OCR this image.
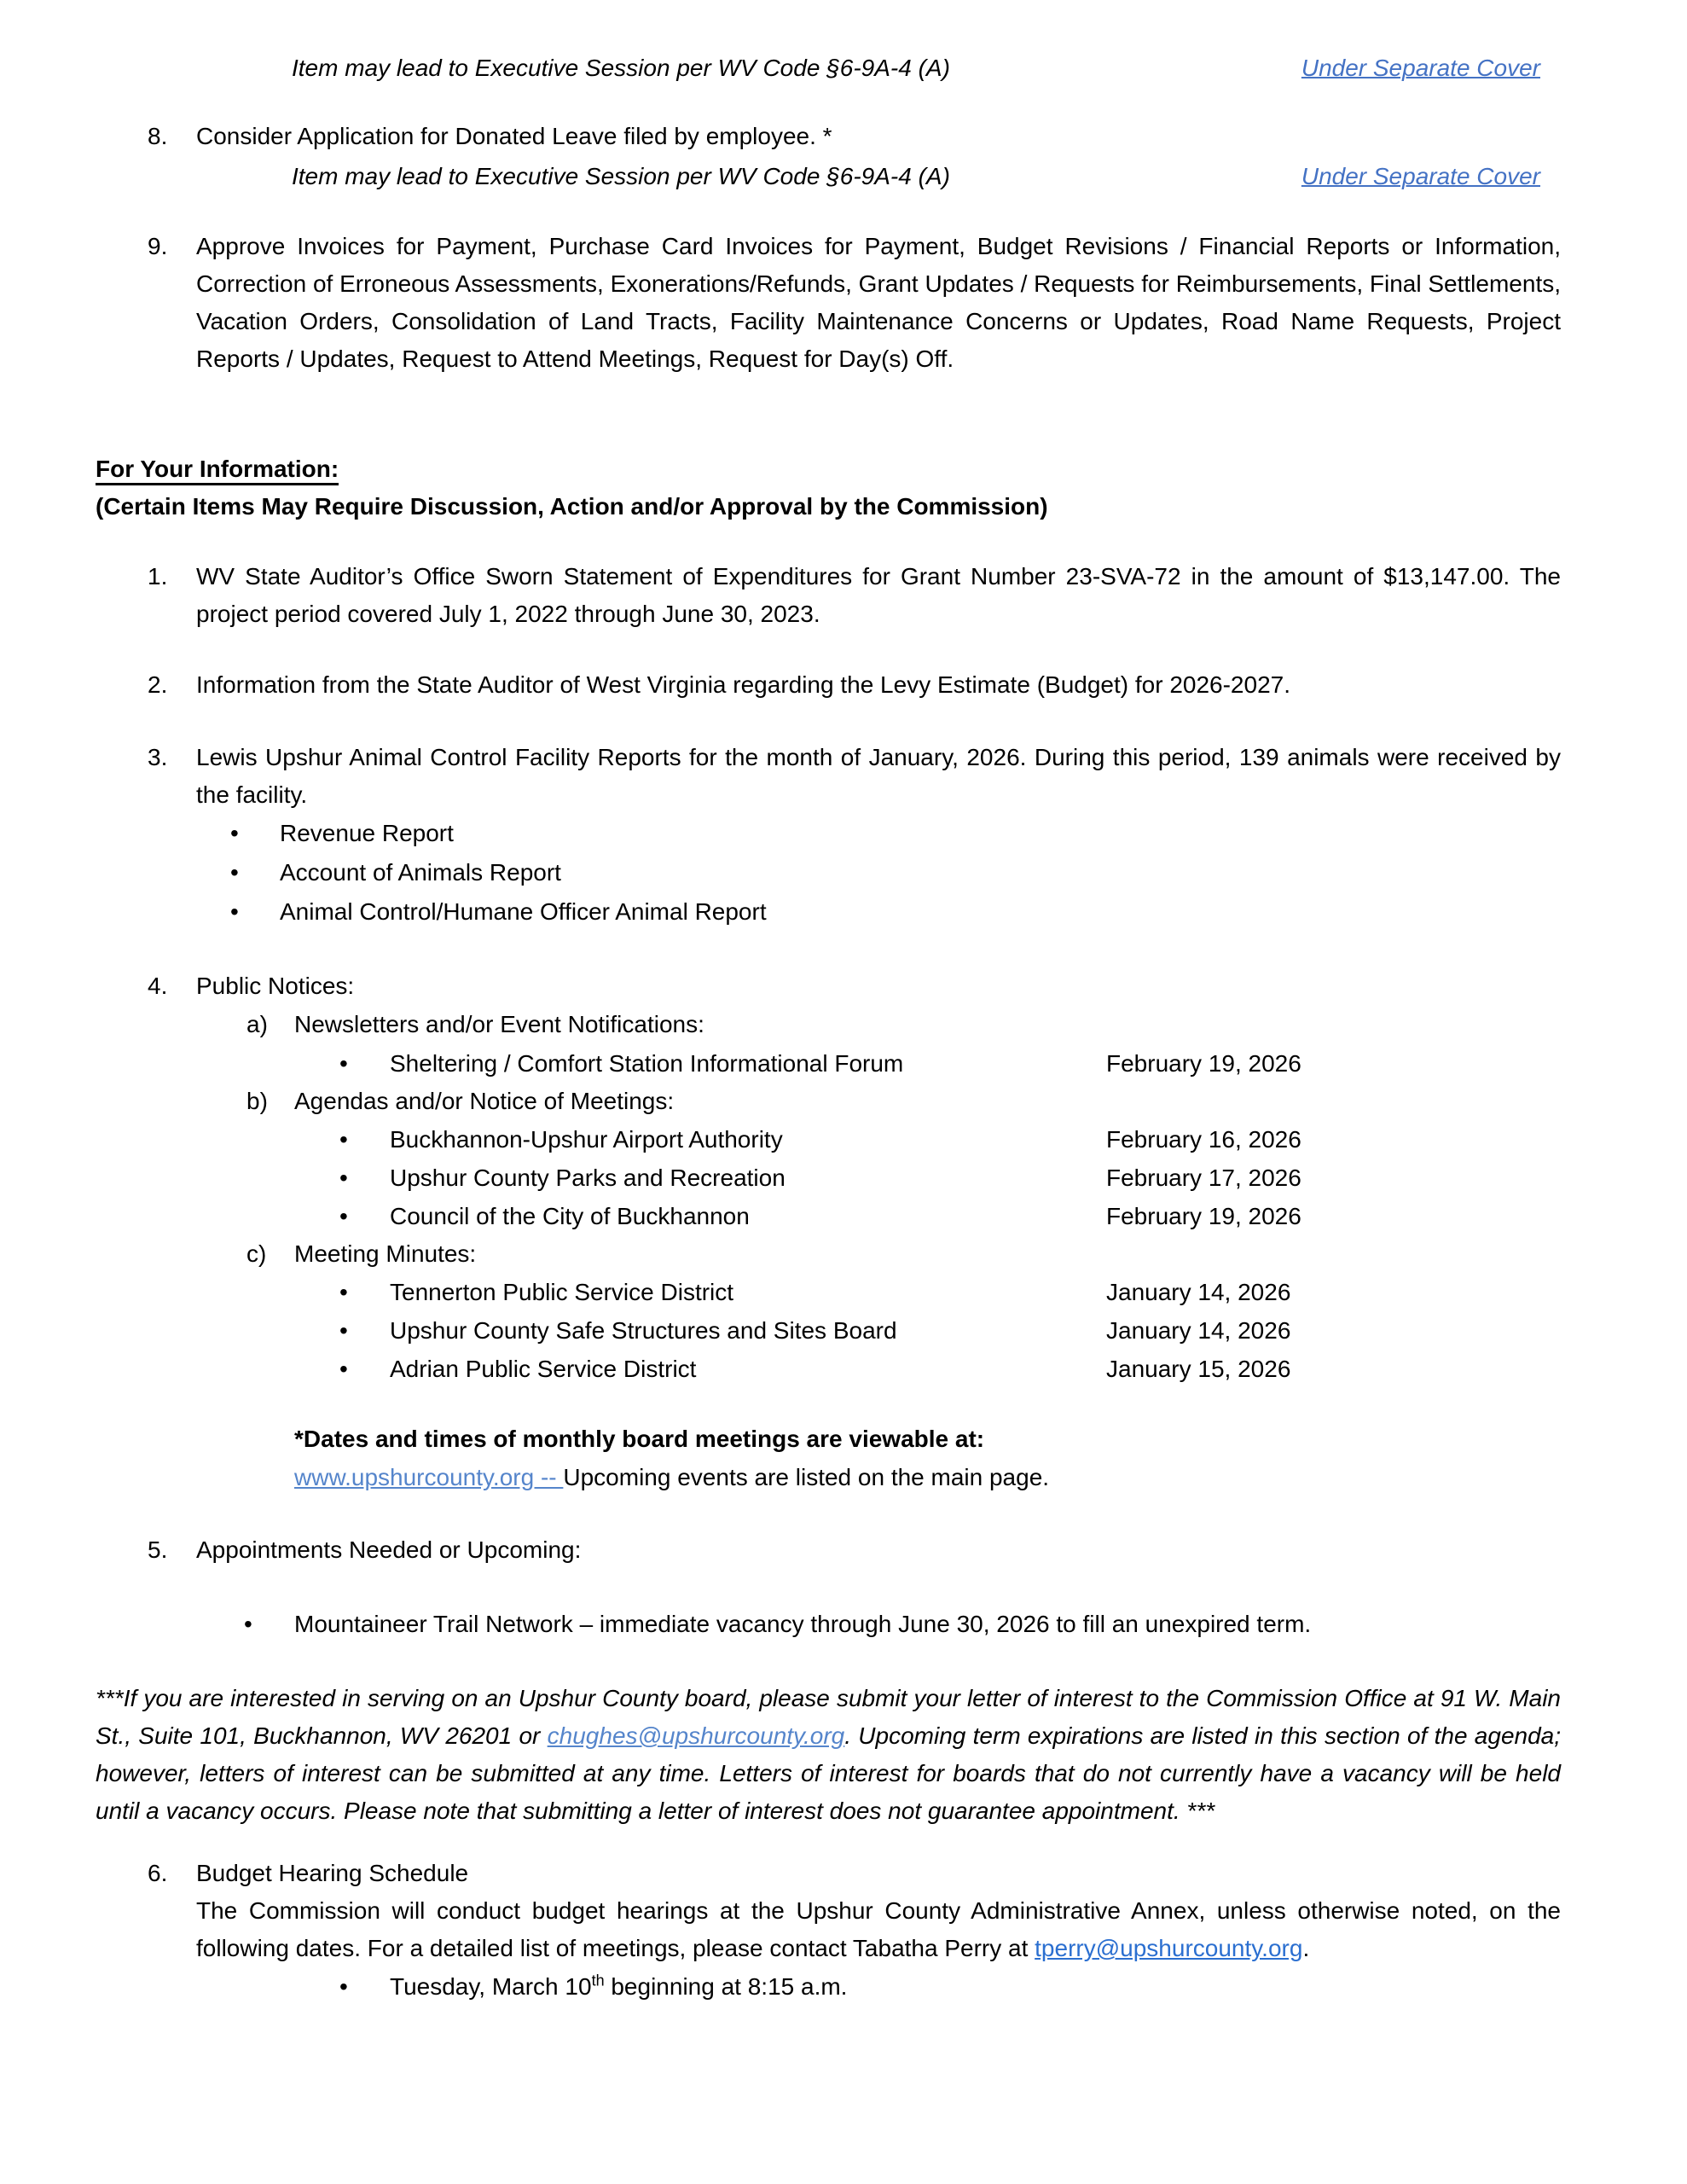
Item may lead to Executive Session per WV Code §6-9A-4 (A)	Under Separate Cover
8. Consider Application for Donated Leave filed by employee. *
Item may lead to Executive Session per WV Code §6-9A-4 (A)	Under Separate Cover
9. Approve Invoices for Payment, Purchase Card Invoices for Payment, Budget Revisions / Financial Reports or Information, Correction of Erroneous Assessments, Exonerations/Refunds, Grant Updates / Requests for Reimbursements, Final Settlements, Vacation Orders, Consolidation of Land Tracts, Facility Maintenance Concerns or Updates, Road Name Requests, Project Reports / Updates, Request to Attend Meetings, Request for Day(s) Off.
For Your Information:
(Certain Items May Require Discussion, Action and/or Approval by the Commission)
1. WV State Auditor’s Office Sworn Statement of Expenditures for Grant Number 23-SVA-72 in the amount of $13,147.00. The project period covered July 1, 2022 through June 30, 2023.
2. Information from the State Auditor of West Virginia regarding the Levy Estimate (Budget) for 2026-2027.
3. Lewis Upshur Animal Control Facility Reports for the month of January, 2026. During this period, 139 animals were received by the facility.
• Revenue Report
• Account of Animals Report
• Animal Control/Humane Officer Animal Report
4. Public Notices:
a) Newsletters and/or Event Notifications:
• Sheltering / Comfort Station Informational Forum	February 19, 2026
b) Agendas and/or Notice of Meetings:
• Buckhannon-Upshur Airport Authority	February 16, 2026
• Upshur County Parks and Recreation	February 17, 2026
• Council of the City of Buckhannon	February 19, 2026
c) Meeting Minutes:
• Tennerton Public Service District	January 14, 2026
• Upshur County Safe Structures and Sites Board	January 14, 2026
• Adrian Public Service District	January 15, 2026
*Dates and times of monthly board meetings are viewable at:
www.upshurcounty.org -- Upcoming events are listed on the main page.
5. Appointments Needed or Upcoming:
• Mountaineer Trail Network – immediate vacancy through June 30, 2026 to fill an unexpired term.
***If you are interested in serving on an Upshur County board, please submit your letter of interest to the Commission Office at 91 W. Main St., Suite 101, Buckhannon, WV 26201 or chughes@upshurcounty.org. Upcoming term expirations are listed in this section of the agenda; however, letters of interest can be submitted at any time. Letters of interest for boards that do not currently have a vacancy will be held until a vacancy occurs. Please note that submitting a letter of interest does not guarantee appointment. ***
6. Budget Hearing Schedule
The Commission will conduct budget hearings at the Upshur County Administrative Annex, unless otherwise noted, on the following dates. For a detailed list of meetings, please contact Tabatha Perry at tperry@upshurcounty.org.
• Tuesday, March 10th beginning at 8:15 a.m.
